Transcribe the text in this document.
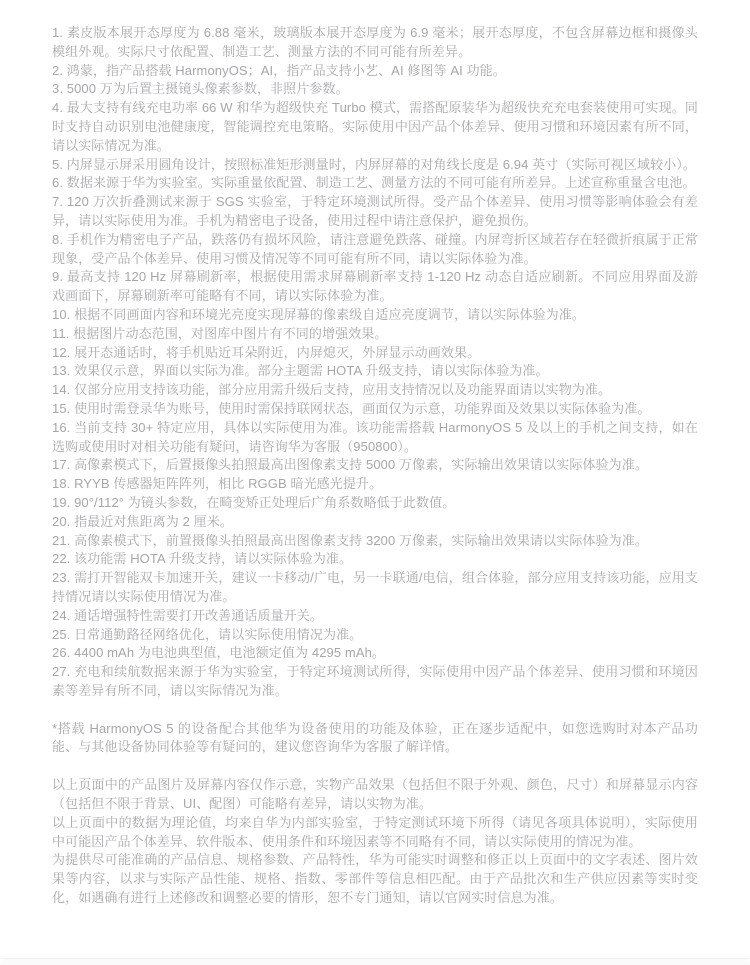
1. 素皮版本展开态厚度为 6.88 毫米，玻璃版本展开态厚度为 6.9 毫米；展开态厚度，不包含屏幕边框和摄像头模组外观。实际尺寸依配置、制造工艺、测量方法的不同可能有所差异。

2. 鸿蒙，指产品搭载 HarmonyOS；AI，指产品支持小艺、AI 修图等 AI 功能。

3. 5000 万为后置主摄镜头像素参数，非照片参数。

4. 最大支持有线充电功率 66 W 和华为超级快充 Turbo 模式，需搭配原装华为超级快充充电套装使用可实现。同时支持自动识别电池健康度，智能调控充电策略。实际使用中因产品个体差异、使用习惯和环境因素有所不同，请以实际情况为准。

5. 内屏显示屏采用圆角设计，按照标准矩形测量时，内屏屏幕的对角线长度是 6.94 英寸（实际可视区域较小）。

6. 数据来源于华为实验室。实际重量依配置、制造工艺、测量方法的不同可能有所差异。上述宣称重量含电池。

7. 120 万次折叠测试来源于 SGS 实验室，于特定环境测试所得。受产品个体差异、使用习惯等影响体验会有差异，请以实际使用为准。手机为精密电子设备，使用过程中请注意保护，避免损伤。

8. 手机作为精密电子产品，跌落仍有损坏风险，请注意避免跌落、碰撞。内屏弯折区域若存在轻微折痕属于正常现象，受产品个体差异、使用习惯及情况等不同可能有所不同，请以实际体验为准。

9. 最高支持 120 Hz 屏幕刷新率，根据使用需求屏幕刷新率支持 1-120 Hz 动态自适应刷新。不同应用界面及游戏画面下，屏幕刷新率可能略有不同，请以实际体验为准。

10. 根据不同画面内容和环境光亮度实现屏幕的像素级自适应亮度调节，请以实际体验为准。

11. 根据图片动态范围，对图库中图片有不同的增强效果。

12. 展开态通话时，将手机贴近耳朵附近，内屏熄灭，外屏显示动画效果。

13. 效果仅示意，界面以实际为准。部分主题需 HOTA 升级支持，请以实际体验为准。

14. 仅部分应用支持该功能，部分应用需升级后支持，应用支持情况以及功能界面请以实物为准。

15. 使用时需登录华为账号，使用时需保持联网状态，画面仅为示意，功能界面及效果以实际体验为准。

16. 当前支持 30+ 特定应用，具体以实际使用为准。该功能需搭载 HarmonyOS 5 及以上的手机之间支持，如在选购或使用时对相关功能有疑问，请咨询华为客服（950800）。

17. 高像素模式下，后置摄像头拍照最高出图像素支持 5000 万像素，实际输出效果请以实际体验为准。

18. RYYB 传感器矩阵阵列，相比 RGGB 暗光感光提升。

19. 90°/112° 为镜头参数，在畸变矫正处理后广角系数略低于此数值。

20. 指最近对焦距离为 2 厘米。

21. 高像素模式下，前置摄像头拍照最高出图像素支持 3200 万像素，实际输出效果请以实际体验为准。

22. 该功能需 HOTA 升级支持，请以实际体验为准。

23. 需打开智能双卡加速开关，建议一卡移动/广电，另一卡联通/电信，组合体验，部分应用支持该功能，应用支持情况请以实际使用情况为准。

24. 通话增强特性需要打开改善通话质量开关。

25. 日常通勤路径网络优化，请以实际使用情况为准。

26. 4400 mAh 为电池典型值，电池额定值为 4295 mAh。

27. 充电和续航数据来源于华为实验室，于特定环境测试所得，实际使用中因产品个体差异、使用习惯和环境因素等差异有所不同，请以实际情况为准。

*搭载 HarmonyOS 5 的设备配合其他华为设备使用的功能及体验，正在逐步适配中，如您选购时对本产品功能、与其他设备协同体验等有疑问的，建议您咨询华为客服了解详情。

以上页面中的产品图片及屏幕内容仅作示意，实物产品效果（包括但不限于外观、颜色，尺寸）和屏幕显示内容（包括但不限于背景、UI、配图）可能略有差异，请以实物为准。

以上页面中的数据为理论值，均来自华为内部实验室，于特定测试环境下所得（请见各项具体说明），实际使用中可能因产品个体差异、软件版本、使用条件和环境因素等不同略有不同，请以实际使用的情况为准。

为提供尽可能准确的产品信息、规格参数、产品特性，华为可能实时调整和修正以上页面中的文字表述、图片效果等内容，以求与实际产品性能、规格、指数、零部件等信息相匹配。由于产品批次和生产供应因素等实时变化，如遇确有进行上述修改和调整必要的情形，恕不专门通知，请以官网实时信息为准。
